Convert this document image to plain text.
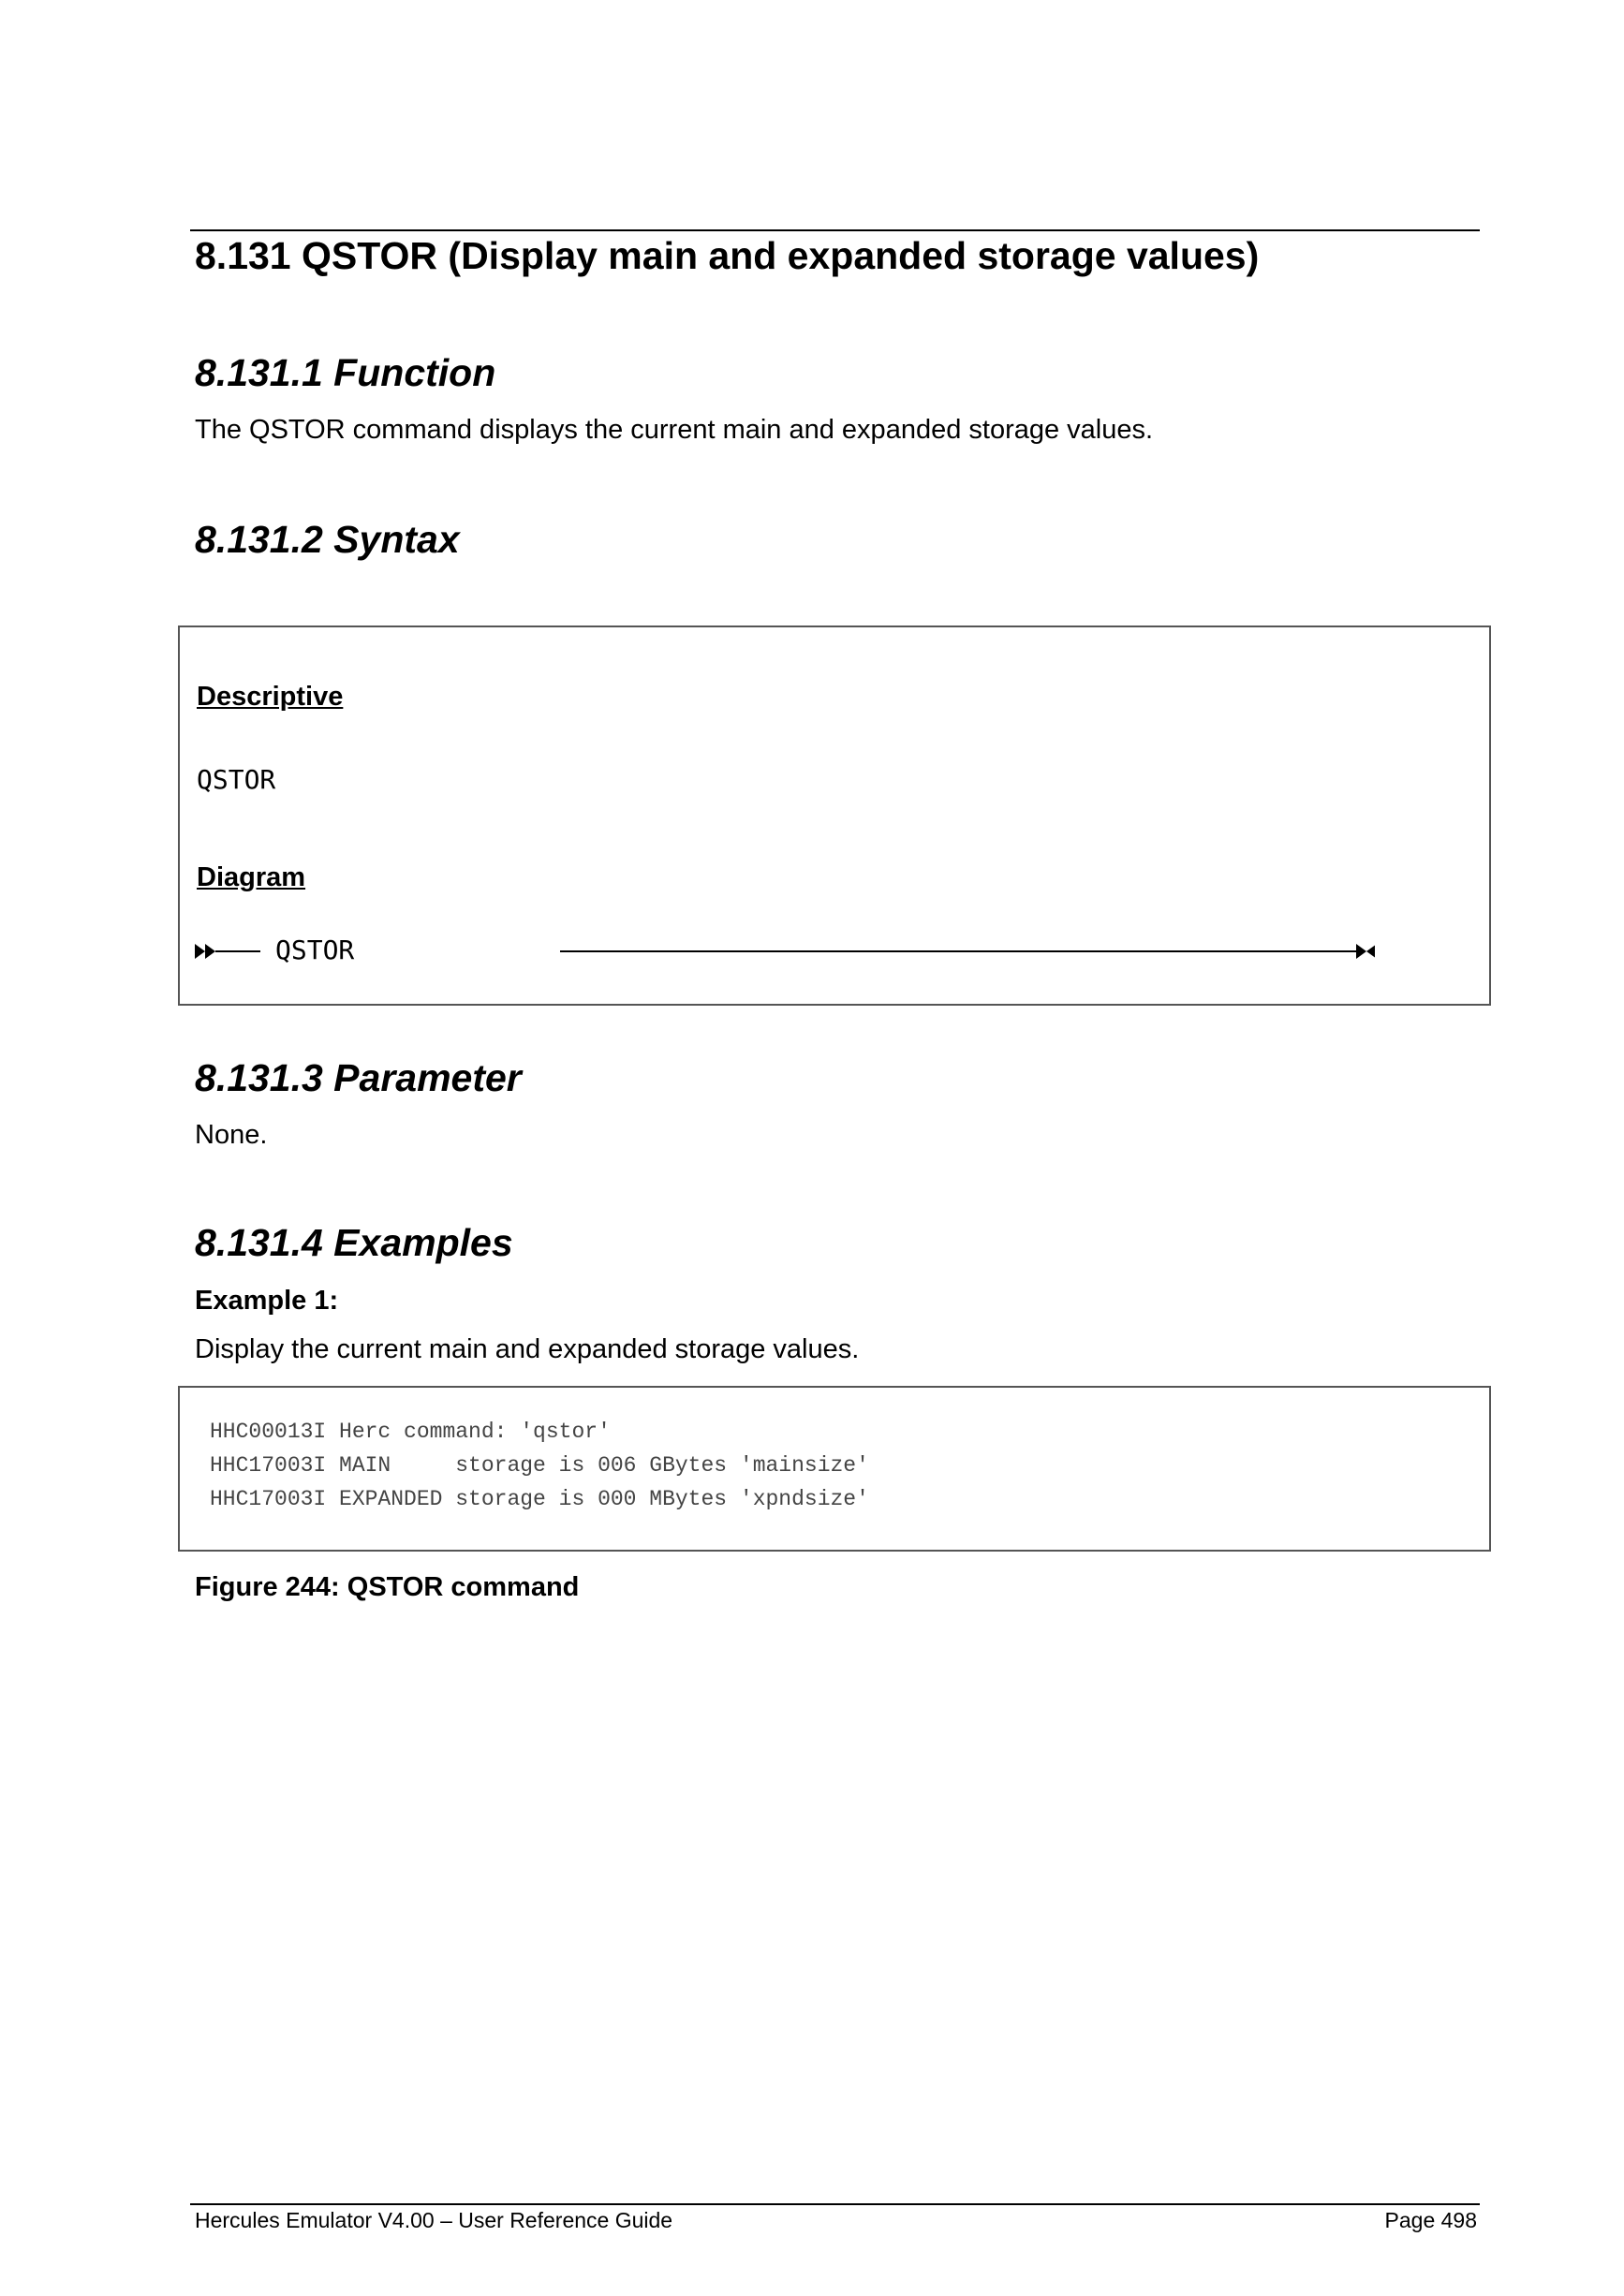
8.131 QSTOR (Display main and expanded storage values)
8.131.1 Function
The QSTOR command displays the current main and expanded storage values.
8.131.2 Syntax
Descriptive
QSTOR
Diagram
QSTOR
8.131.3 Parameter
None.
8.131.4 Examples
Example 1:
Display the current main and expanded storage values.
HHC00013I Herc command: 'qstor'
HHC17003I MAIN     storage is 006 GBytes 'mainsize'
HHC17003I EXPANDED storage is 000 MBytes 'xpndsize'
Figure 244: QSTOR command
Hercules Emulator V4.00 – User Reference Guide	Page 498
